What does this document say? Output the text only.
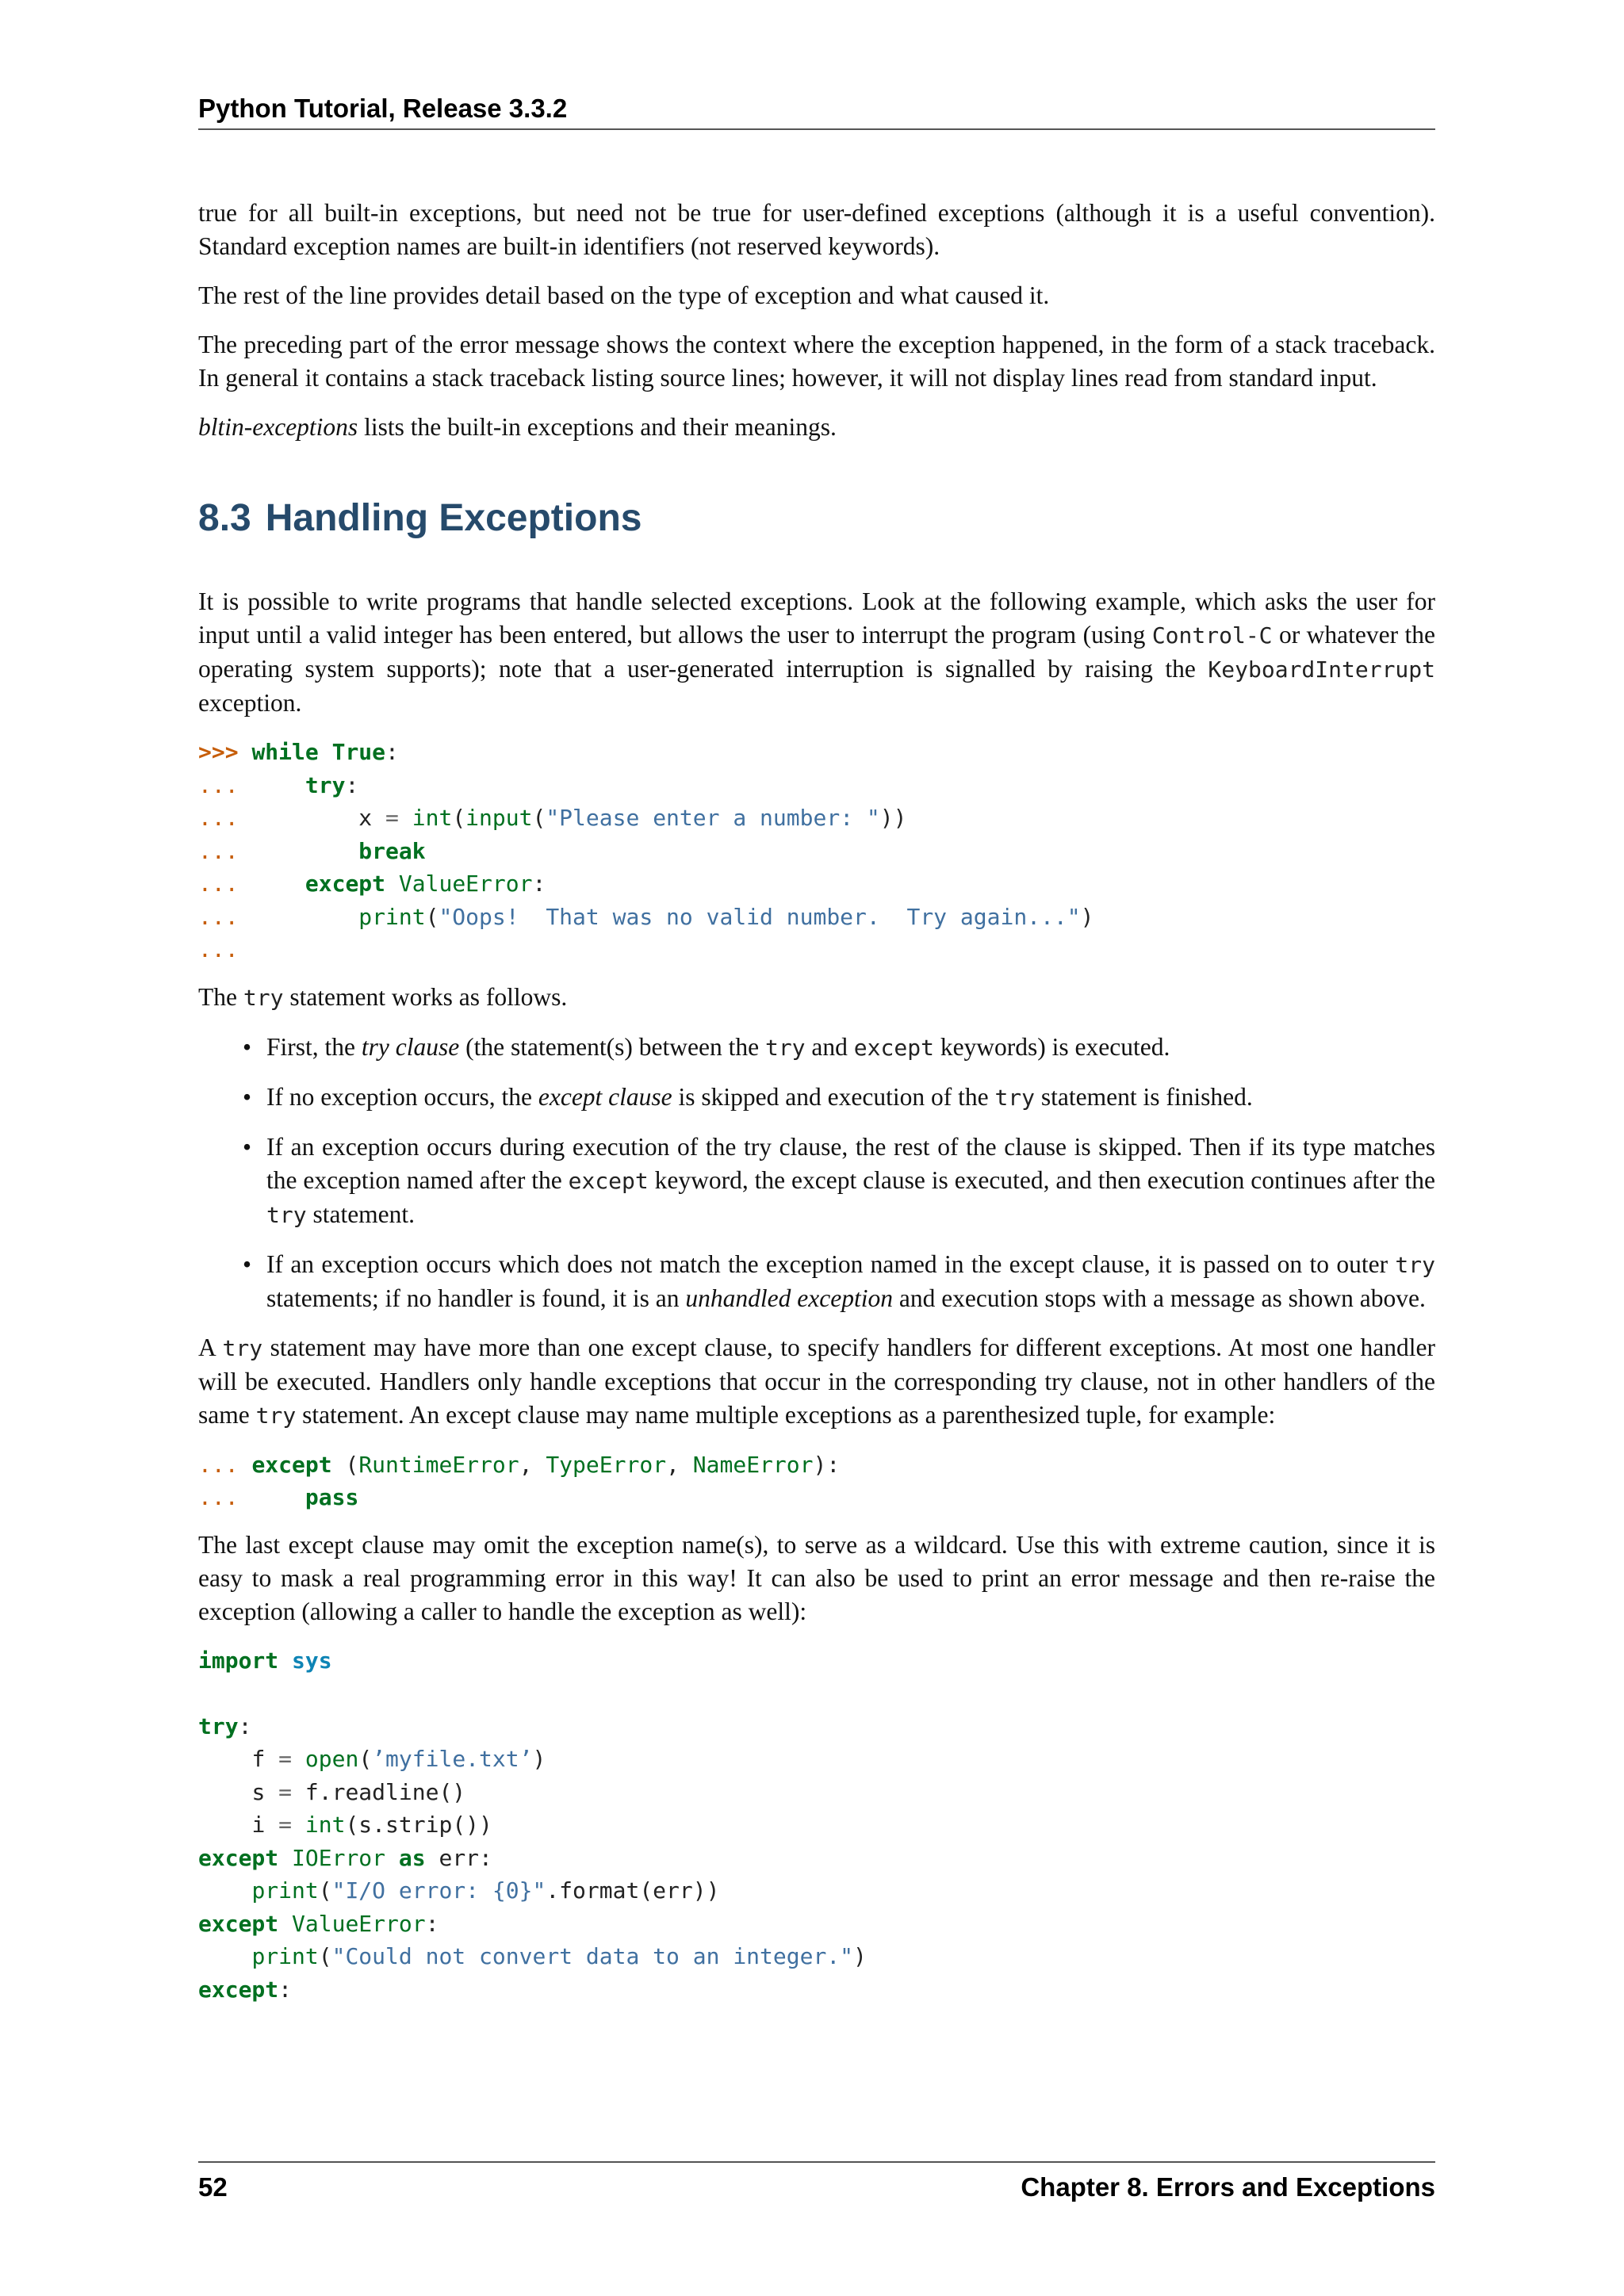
Python Tutorial, Release 3.3.2

true for all built-in exceptions, but need not be true for user-defined exceptions (although it is a useful convention). Standard exception names are built-in identifiers (not reserved keywords).

The rest of the line provides detail based on the type of exception and what caused it.

The preceding part of the error message shows the context where the exception happened, in the form of a stack traceback. In general it contains a stack traceback listing source lines; however, it will not display lines read from standard input.

bltin-exceptions lists the built-in exceptions and their meanings.

8.3 Handling Exceptions

It is possible to write programs that handle selected exceptions. Look at the following example, which asks the user for input until a valid integer has been entered, but allows the user to interrupt the program (using Control-C or whatever the operating system supports); note that a user-generated interruption is signalled by raising the KeyboardInterrupt exception.

>>> while True:
...	try:
...	x = int(input("Please enter a number: "))
...	break
...	except ValueError:
...	print("Oops!  That was no valid number.  Try again...")
...

The try statement works as follows.

• First, the try clause (the statement(s) between the try and except keywords) is executed.
• If no exception occurs, the except clause is skipped and execution of the try statement is finished.
• If an exception occurs during execution of the try clause, the rest of the clause is skipped. Then if its type matches the exception named after the except keyword, the except clause is executed, and then execution continues after the try statement.
• If an exception occurs which does not match the exception named in the except clause, it is passed on to outer try statements; if no handler is found, it is an unhandled exception and execution stops with a message as shown above.

A try statement may have more than one except clause, to specify handlers for different exceptions. At most one handler will be executed. Handlers only handle exceptions that occur in the corresponding try clause, not in other handlers of the same try statement. An except clause may name multiple exceptions as a parenthesized tuple, for example:

... except (RuntimeError, TypeError, NameError):
...	pass

The last except clause may omit the exception name(s), to serve as a wildcard. Use this with extreme caution, since it is easy to mask a real programming error in this way! It can also be used to print an error message and then re-raise the exception (allowing a caller to handle the exception as well):

import sys

try:
f = open(’myfile.txt’)
s = f.readline()
i = int(s.strip())
except IOError as err:
print("I/O error: {0}".format(err))
except ValueError:
print("Could not convert data to an integer.")
except:
52	Chapter 8. Errors and Exceptions
